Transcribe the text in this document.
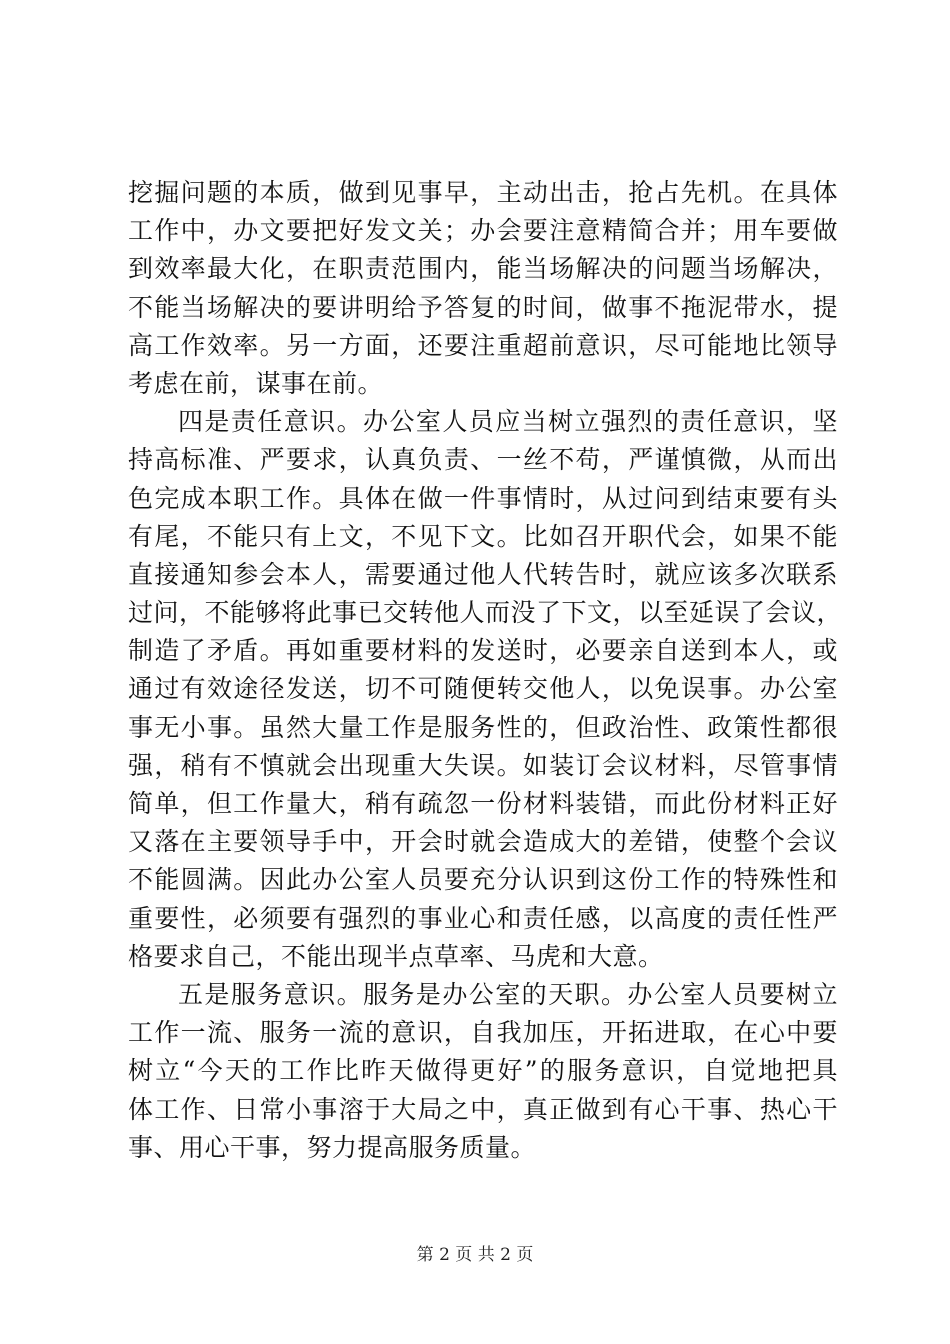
挖掘问题的本质，做到见事早，主动出击，抢占先机。在具体
工作中，办文要把好发文关；办会要注意精简合并；用车要做
到效率最大化，在职责范围内，能当场解决的问题当场解决，
不能当场解决的要讲明给予答复的时间，做事不拖泥带水，提
高工作效率。另一方面，还要注重超前意识，尽可能地比领导
考虑在前，谋事在前。
四是责任意识。办公室人员应当树立强烈的责任意识，坚
持高标准、严要求，认真负责、一丝不苟，严谨慎微，从而出
色完成本职工作。具体在做一件事情时，从过问到结束要有头
有尾，不能只有上文，不见下文。比如召开职代会，如果不能
直接通知参会本人，需要通过他人代转告时，就应该多次联系
过问，不能够将此事已交转他人而没了下文，以至延误了会议，
制造了矛盾。再如重要材料的发送时，必要亲自送到本人，或
通过有效途径发送，切不可随便转交他人，以免误事。办公室
事无小事。虽然大量工作是服务性的，但政治性、政策性都很
强，稍有不慎就会出现重大失误。如装订会议材料，尽管事情
简单，但工作量大，稍有疏忽一份材料装错，而此份材料正好
又落在主要领导手中，开会时就会造成大的差错，使整个会议
不能圆满。因此办公室人员要充分认识到这份工作的特殊性和
重要性，必须要有强烈的事业心和责任感，以高度的责任性严
格要求自己，不能出现半点草率、马虎和大意。
五是服务意识。服务是办公室的天职。办公室人员要树立
工作一流、服务一流的意识，自我加压，开拓进取，在心中要
树立“今天的工作比昨天做得更好”的服务意识，自觉地把具
体工作、日常小事溶于大局之中，真正做到有心干事、热心干
事、用心干事，努力提高服务质量。
第 2 页 共 2 页
